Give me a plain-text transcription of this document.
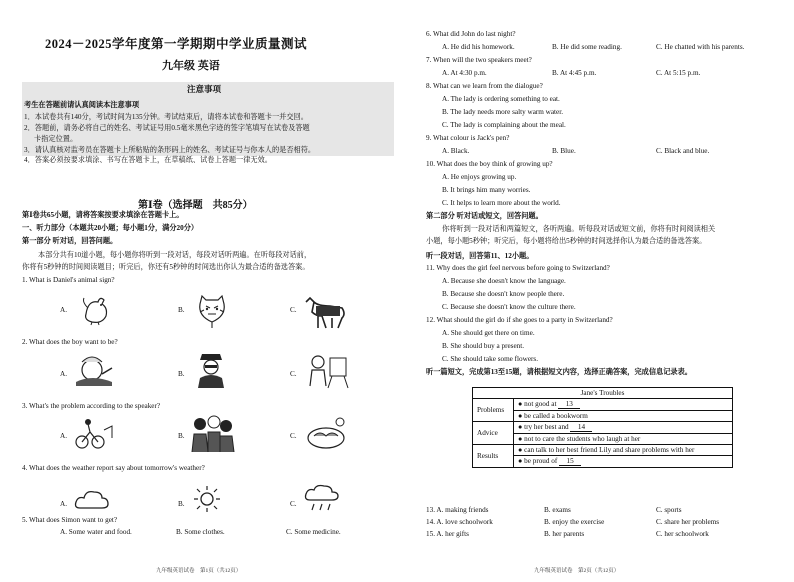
2024－2025学年度第一学期期中学业质量测试
九年级 英语
注意事项
考生在答题前请认真阅读本注意事项
1．本试卷共有140分，考试时间为135分钟。考试结束后，请将本试卷和答题卡一并交回。
2．答题前，请务必将自己的姓名、考试证号用0.5毫米黑色字迹的签字笔填写在试卷及答题
卡指定位置。
3．请认真核对监考员在答题卡上所粘贴的条形码上的姓名、考试证号与你本人的是否相符。
4．答案必须按要求填涂、书写在答题卡上，在草稿纸、试卷上答题一律无效。
第Ⅰ卷（选择题　共85分）
第Ⅰ卷共65小题，请将答案按要求填涂在答题卡上。
一、听力部分（本题共20小题；每小题1分，满分20分）
第一部分 听对话，回答问题。
本部分共有10道小题，每小题你将听到一段对话，每段对话听两遍。在听每段对话前，
你将有5秒钟的时间阅读题目；听完后，你还有5秒钟的时间选出你认为最合适的备选答案。
1. What is Daniel's animal sign?
A.	B.	C.
2. What does the boy want to be?
A.	B.	C.
3. What's the problem according to the speaker?
A.	B.	C.
4. What does the weather report say about tomorrow's weather?
A.	B.	C.
5. What does Simon want to get?
A. Some water and food.	B. Some clothes.	C. Some medicine.
九年级英语试卷　第1页（共12页）
6. What did John do last night?
A. He did his homework.	B. He did some reading.	C. He chatted with his parents.
7. When will the two speakers meet?
A. At 4:30 p.m.	B. At 4:45 p.m.	C. At 5:15 p.m.
8. What can we learn from the dialogue?
A. The lady is ordering something to eat.
B. The lady needs more salty warm water.
C. The lady is complaining about the meal.
9. What colour is Jack's pen?
A. Black.	B. Blue.	C. Black and blue.
10. What does the boy think of growing up?
A. He enjoys growing up.
B. It brings him many worries.
C. It helps to learn more about the world.
第二部分 听对话或短文，回答问题。
你将听到一段对话和两篇短文，各听两遍。听每段对话或短文前，你将有时间阅读相关
小题，每小题5秒钟；听完后，每小题将给出5秒钟的时间选择你认为最合适的备选答案。
听一段对话，回答第11、12小题。
11. Why does the girl feel nervous before going to Switzerland?
A. Because she doesn't know the language.
B. Because she doesn't know people there.
C. Because she doesn't know the culture there.
12. What should the girl do if she goes to a party in Switzerland?
A. She should get there on time.
B. She should buy a present.
C. She should take some flowers.
听一篇短文，完成第13至15题，请根据短文内容，选择正确答案，完成信息记录表。
Jane's Troubles	
Problems	● not good at 13
	● be called a bookworm
Advice	● try her best and 14
	● not to care the students who laugh at her
Results	● can talk to her best friend Lily and share problems with her
	● be proud of 15
13. A. making friends	B. exams	C. sports
14. A. love schoolwork	B. enjoy the exercise	C. share her problems
15. A. her gifts	B. her parents	C. her schoolwork
九年级英语试卷　第2页（共12页）
